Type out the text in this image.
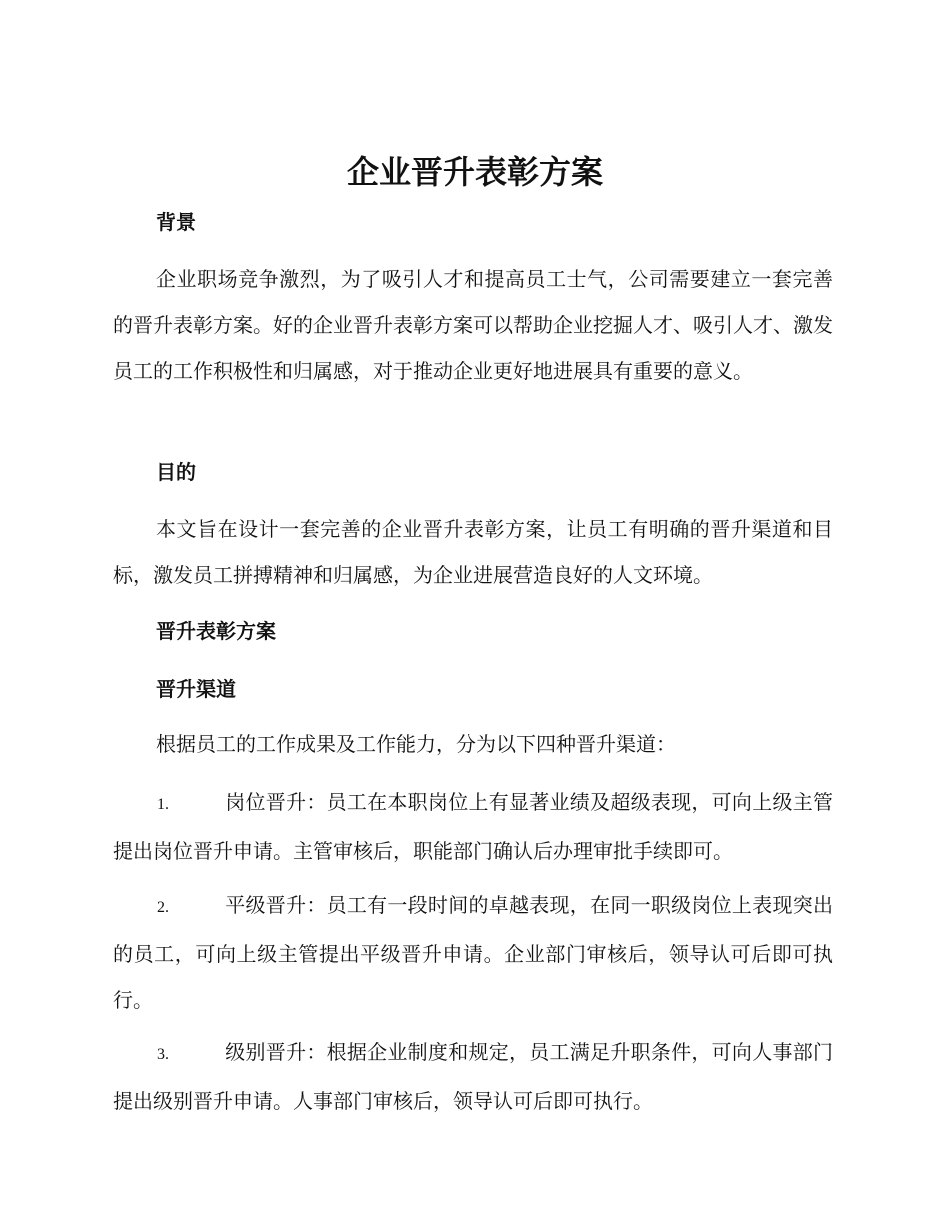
企业晋升表彰方案
背景
企业职场竞争激烈，为了吸引人才和提高员工士气，公司需要建立一套完善的晋升表彰方案。好的企业晋升表彰方案可以帮助企业挖掘人才、吸引人才、激发员工的工作积极性和归属感，对于推动企业更好地进展具有重要的意义。
目的
本文旨在设计一套完善的企业晋升表彰方案，让员工有明确的晋升渠道和目标，激发员工拼搏精神和归属感，为企业进展营造良好的人文环境。
晋升表彰方案
晋升渠道
根据员工的工作成果及工作能力，分为以下四种晋升渠道：
1.	岗位晋升：员工在本职岗位上有显著业绩及超级表现，可向上级主管提出岗位晋升申请。主管审核后，职能部门确认后办理审批手续即可。
2.	平级晋升：员工有一段时间的卓越表现，在同一职级岗位上表现突出的员工，可向上级主管提出平级晋升申请。企业部门审核后，领导认可后即可执行。
3.	级别晋升：根据企业制度和规定，员工满足升职条件，可向人事部门提出级别晋升申请。人事部门审核后，领导认可后即可执行。
